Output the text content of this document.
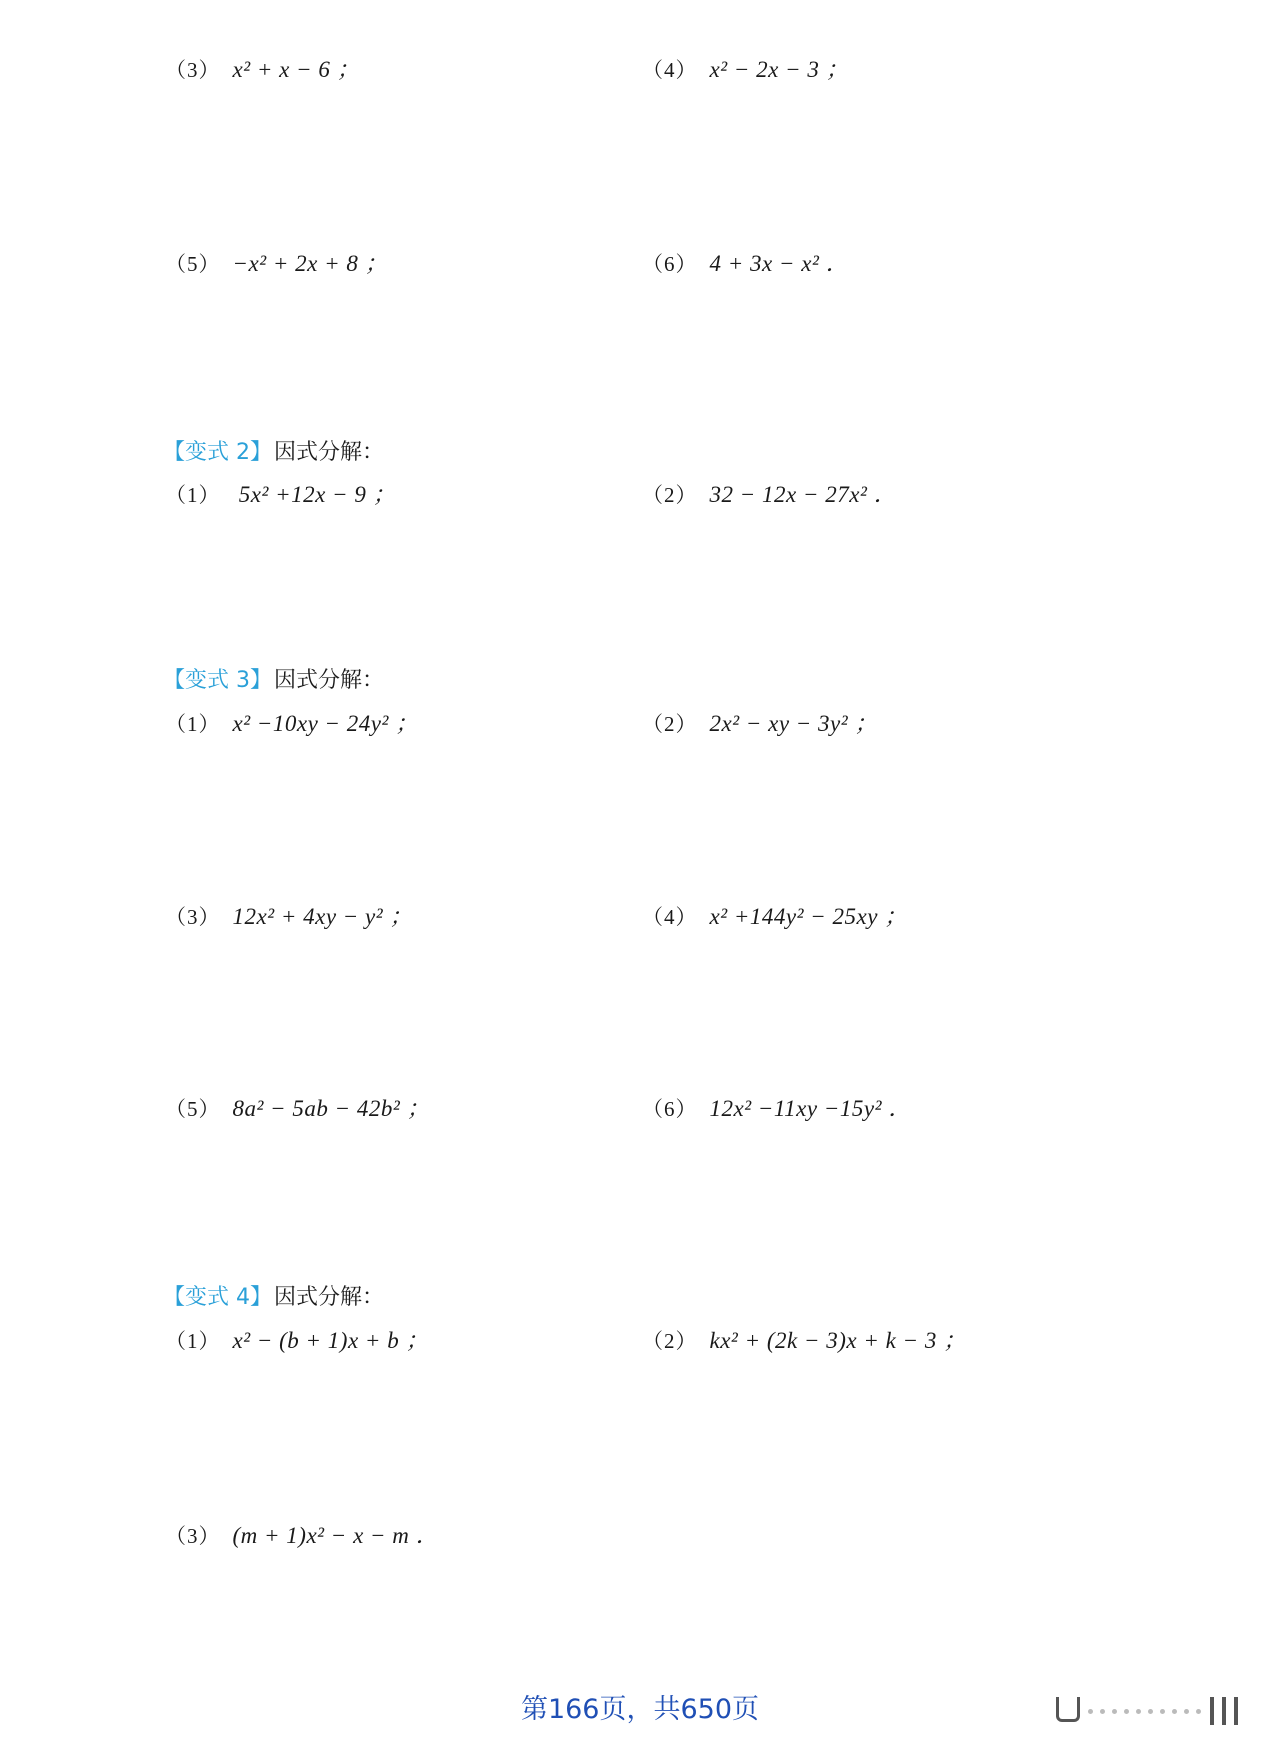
（3） x² + x − 6 ；	（4） x² − 2x − 3 ；
（5） −x² + 2x + 8 ；	（6） 4 + 3x − x² ．
【变式 2】因式分解：
（1） 5x² +12x − 9 ；	（2） 32 − 12x − 27x² ．
【变式 3】因式分解：
（1） x² −10xy − 24y² ；	（2） 2x² − xy − 3y² ；
（3） 12x² + 4xy − y² ；	（4） x² +144y² − 25xy ；
（5） 8a² − 5ab − 42b² ；	（6） 12x² −11xy −15y² ．
【变式 4】因式分解：
（1） x² − (b + 1)x + b ；	（2） kx² + (2k − 3)x + k − 3 ；
（3） (m + 1)x² − x − m ．
第166页，共650页
